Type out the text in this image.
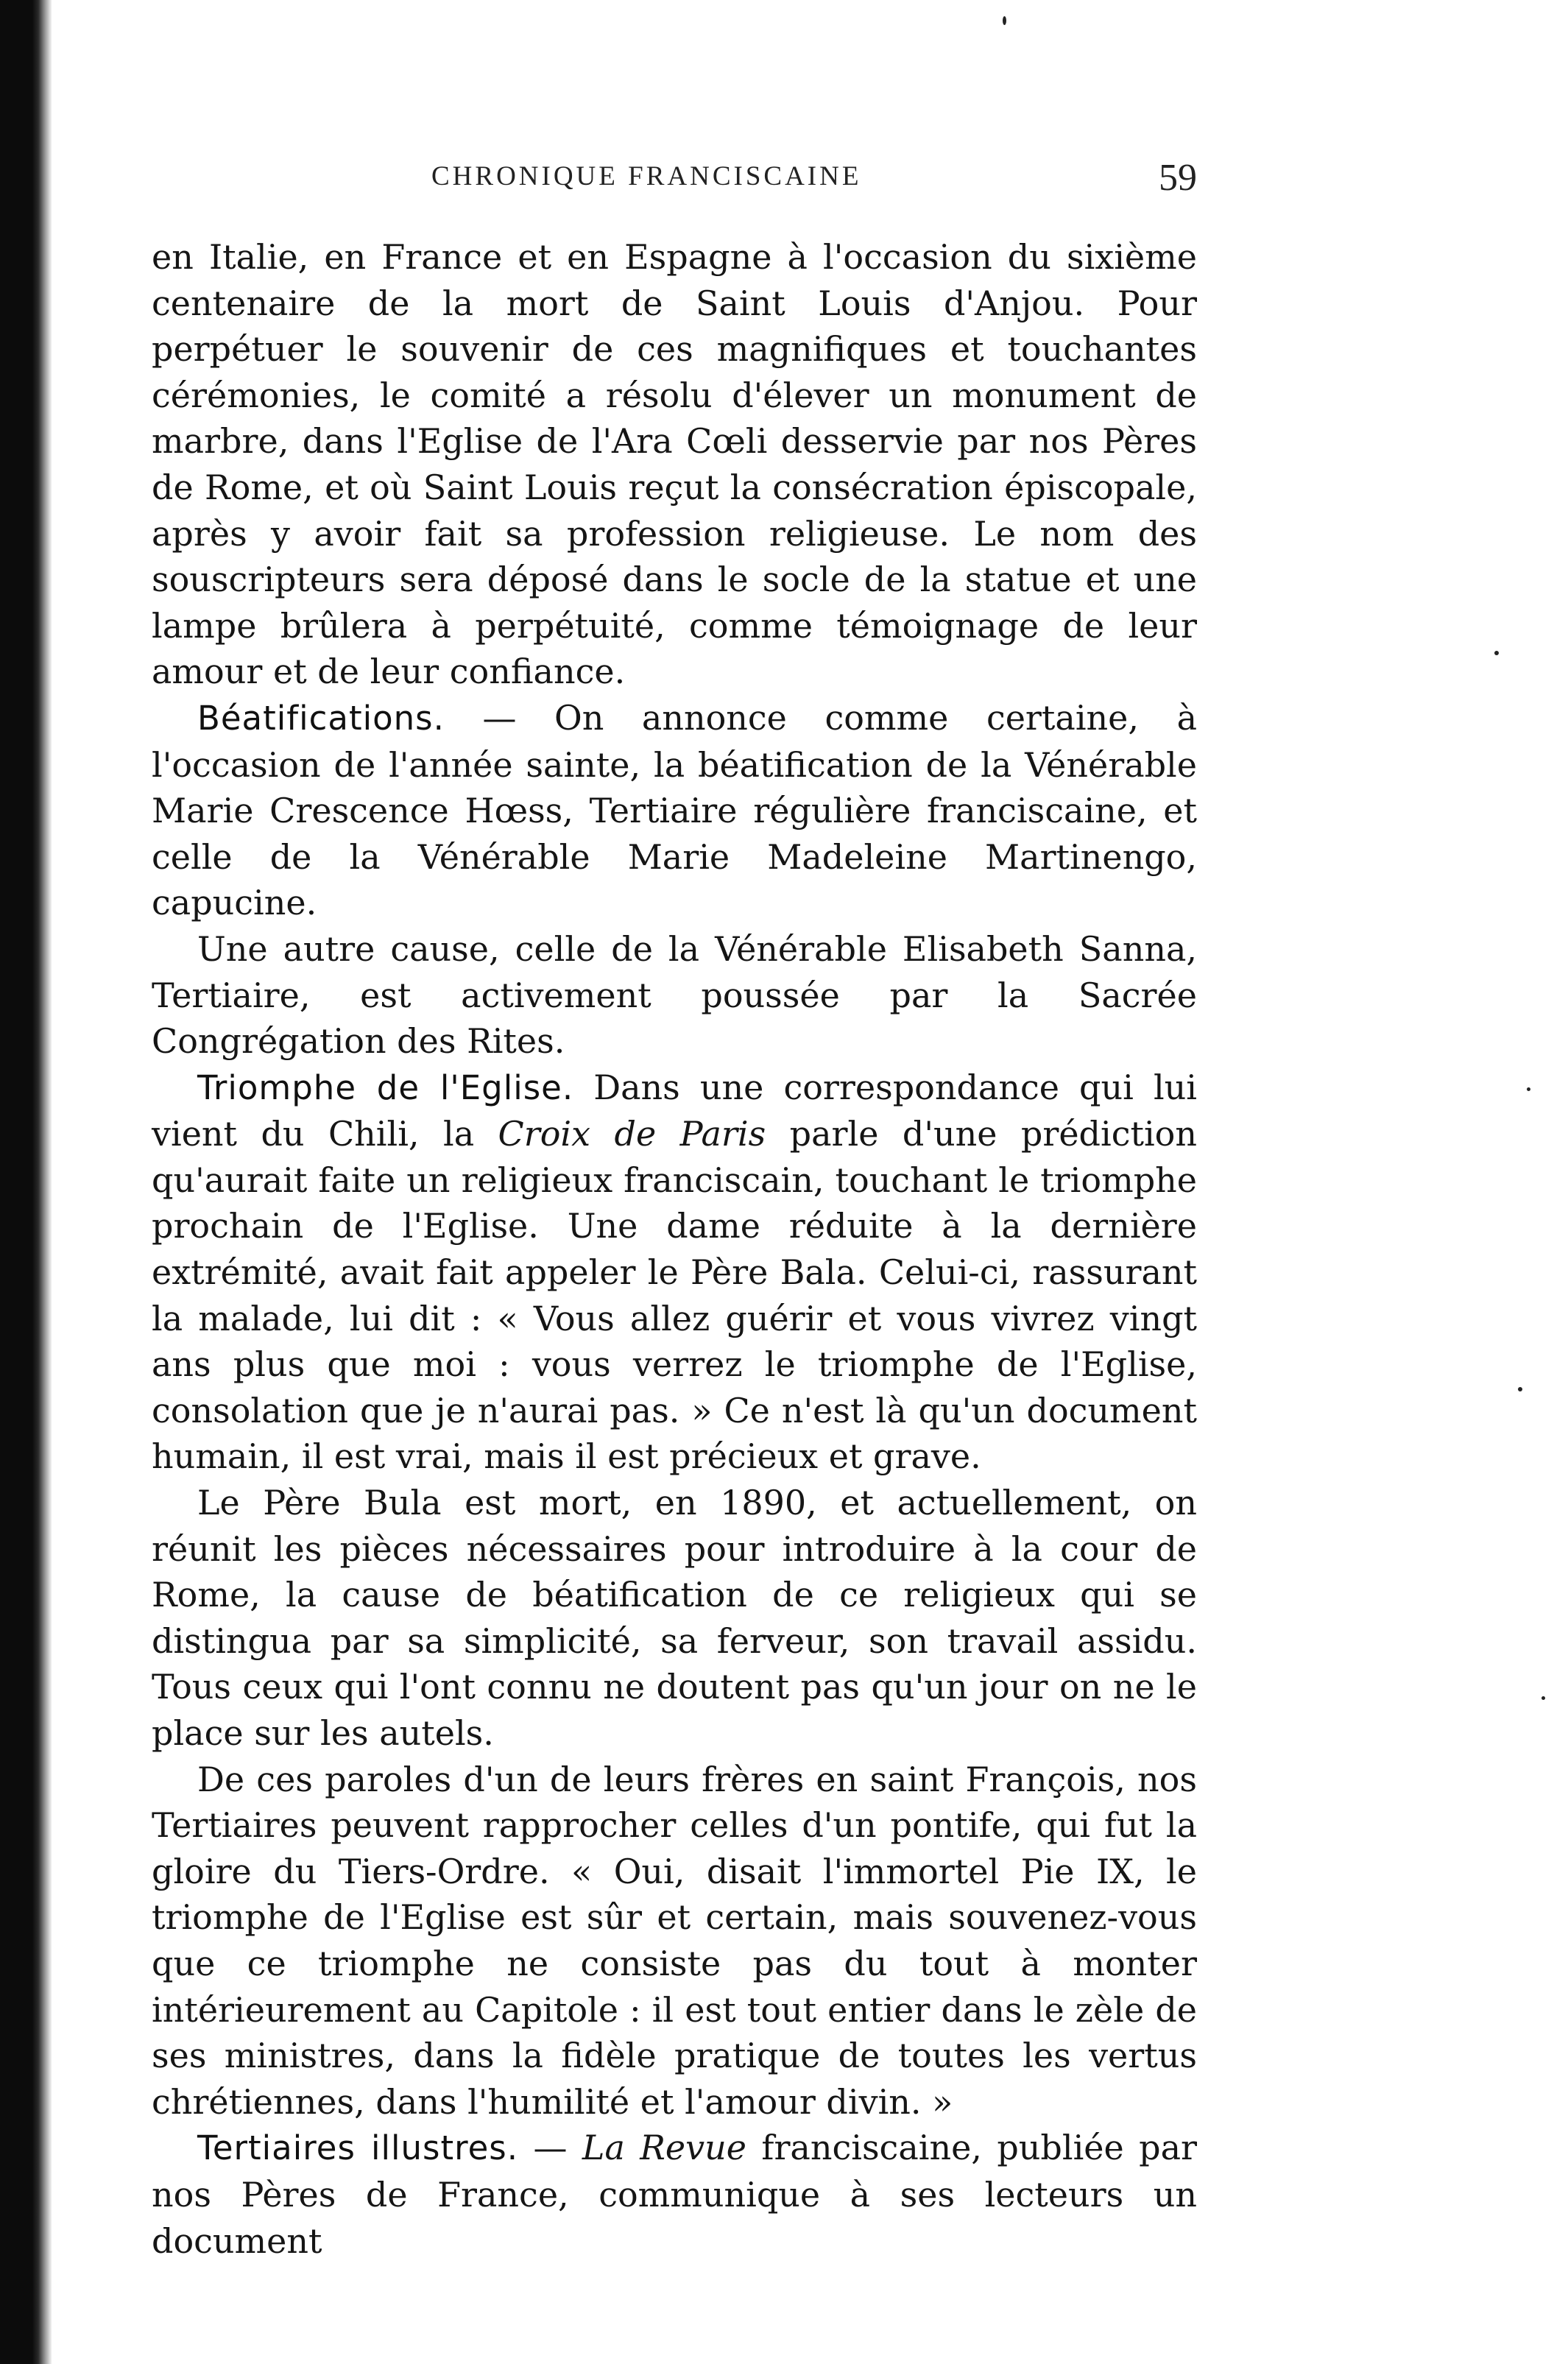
CHRONIQUE FRANCISCAINE	59

en Italie, en France et en Espagne à l'occasion du sixième centenaire de la mort de Saint Louis d'Anjou. Pour perpétuer le souvenir de ces magnifiques et touchantes cérémonies, le comité a résolu d'élever un monument de marbre, dans l'Eglise de l'Ara Cœli desservie par nos Pères de Rome, et où Saint Louis reçut la consécration épiscopale, après y avoir fait sa profession religieuse. Le nom des souscripteurs sera déposé dans le socle de la statue et une lampe brûlera à perpétuité, comme témoignage de leur amour et de leur confiance.

Béatifications. — On annonce comme certaine, à l'occasion de l'année sainte, la béatification de la Vénérable Marie Crescence Hœss, Tertiaire régulière franciscaine, et celle de la Vénérable Marie Madeleine Martinengo, capucine.

Une autre cause, celle de la Vénérable Elisabeth Sanna, Tertiaire, est activement poussée par la Sacrée Congrégation des Rites.

Triomphe de l'Eglise. Dans une correspondance qui lui vient du Chili, la Croix de Paris parle d'une prédiction qu'aurait faite un religieux franciscain, touchant le triomphe prochain de l'Eglise. Une dame réduite à la dernière extrémité, avait fait appeler le Père Bala. Celui-ci, rassurant la malade, lui dit : « Vous allez guérir et vous vivrez vingt ans plus que moi : vous verrez le triomphe de l'Eglise, consolation que je n'aurai pas. » Ce n'est là qu'un document humain, il est vrai, mais il est précieux et grave.

Le Père Bula est mort, en 1890, et actuellement, on réunit les pièces nécessaires pour introduire à la cour de Rome, la cause de béatification de ce religieux qui se distingua par sa simplicité, sa ferveur, son travail assidu. Tous ceux qui l'ont connu ne doutent pas qu'un jour on ne le place sur les autels.

De ces paroles d'un de leurs frères en saint François, nos Tertiaires peuvent rapprocher celles d'un pontife, qui fut la gloire du Tiers-Ordre. « Oui, disait l'immortel Pie IX, le triomphe de l'Eglise est sûr et certain, mais souvenez-vous que ce triomphe ne consiste pas du tout à monter intérieurement au Capitole : il est tout entier dans le zèle de ses ministres, dans la fidèle pratique de toutes les vertus chrétiennes, dans l'humilité et l'amour divin. »

Tertiaires illustres. — La Revue franciscaine, publiée par nos Pères de France, communique à ses lecteurs un document
